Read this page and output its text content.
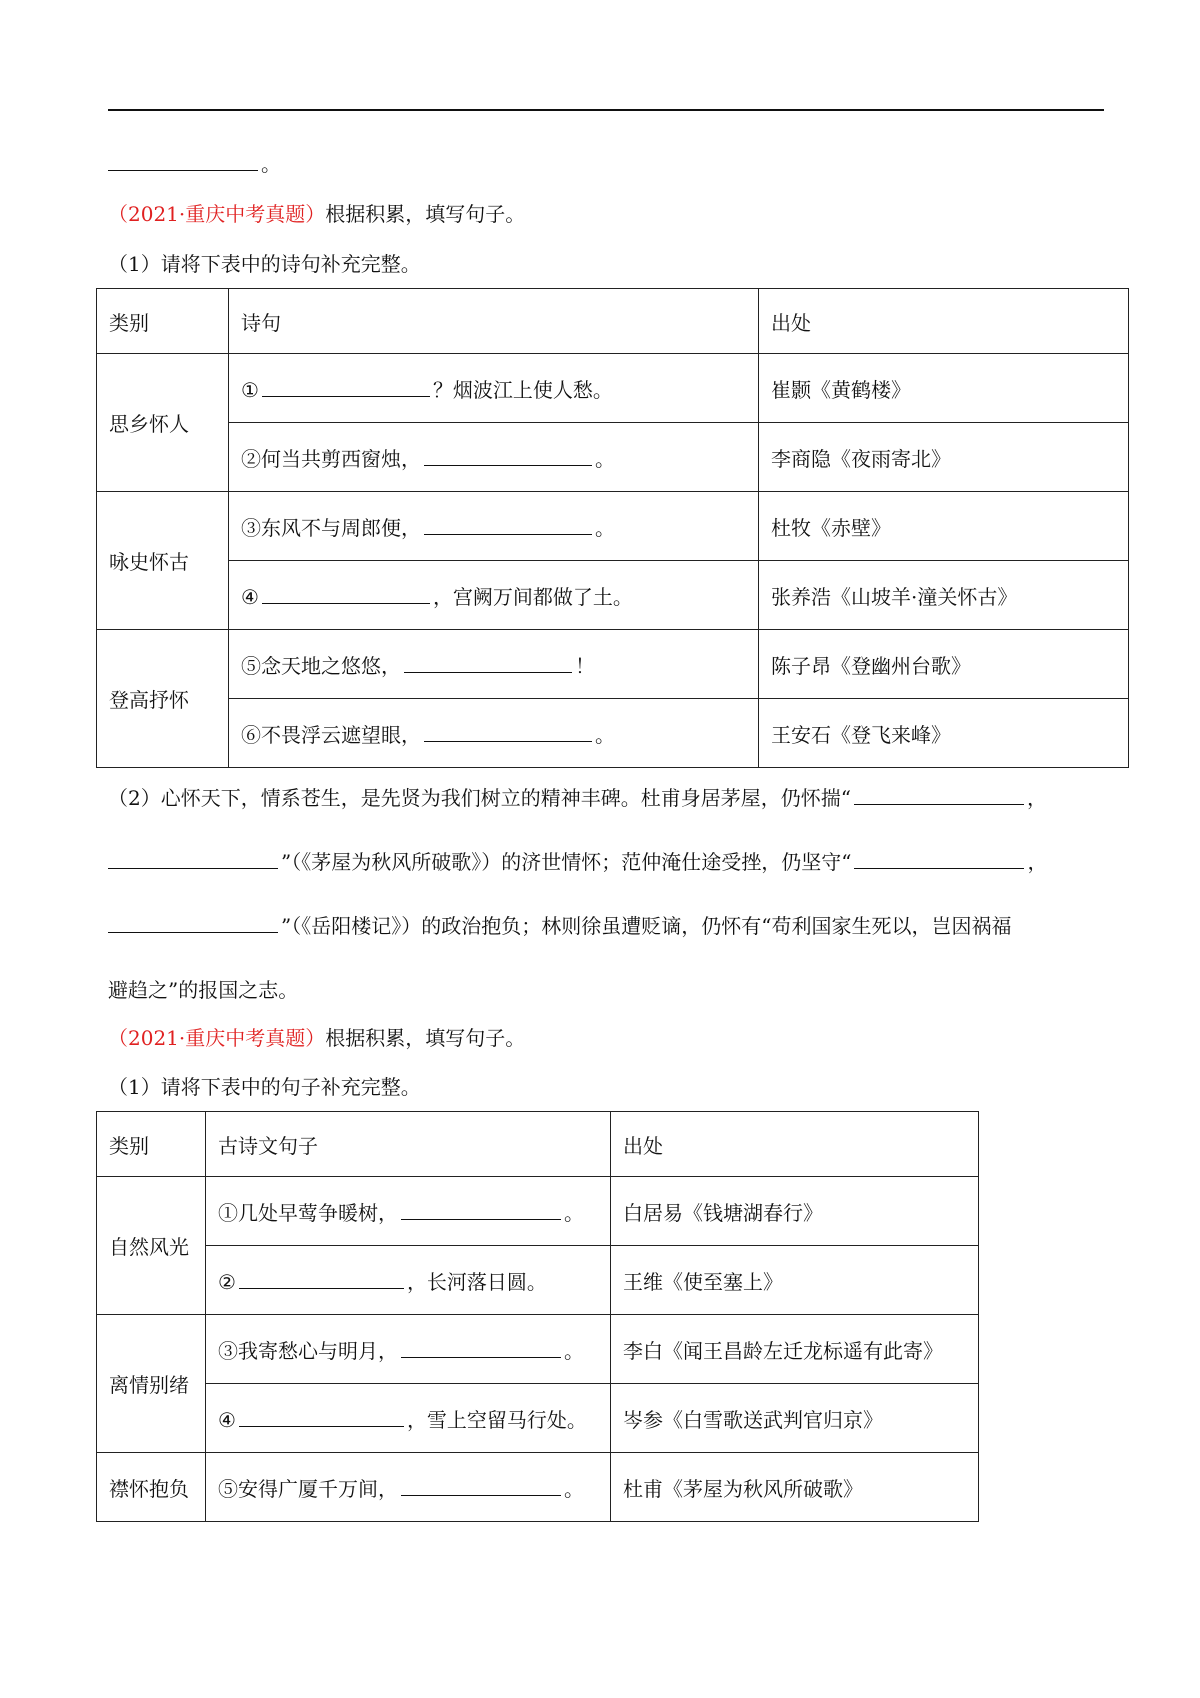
。
（2021·重庆中考真题）根据积累，填写句子。
（1）请将下表中的诗句补充完整。
类别	诗句	出处
思乡怀人	① ？烟波江上使人愁。	崔颢《黄鹤楼》
	②何当共剪西窗烛， 。	李商隐《夜雨寄北》
咏史怀古	③东风不与周郎便， 。	杜牧《赤壁》
	④ ，宫阙万间都做了土。	张养浩《山坡羊·潼关怀古》
登高抒怀	⑤念天地之悠悠， ！	陈子昂《登幽州台歌》
	⑥不畏浮云遮望眼， 。	王安石《登飞来峰》
（2）心怀天下，情系苍生，是先贤为我们树立的精神丰碑。杜甫身居茅屋，仍怀揣“	，
”（《茅屋为秋风所破歌》）的济世情怀；范仲淹仕途受挫，仍坚守“	，
”（《岳阳楼记》）的政治抱负；林则徐虽遭贬谪，仍怀有“苟利国家生死以，岂因祸福
避趋之”的报国之志。
（2021·重庆中考真题）根据积累，填写句子。
（1）请将下表中的句子补充完整。
类别	古诗文句子	出处
自然风光	①几处早莺争暖树， 。	白居易《钱塘湖春行》
	② ，长河落日圆。	王维《使至塞上》
离情别绪	③我寄愁心与明月， 。	李白《闻王昌龄左迁龙标遥有此寄》
	④ ，雪上空留马行处。	岑参《白雪歌送武判官归京》
襟怀抱负	⑤安得广厦千万间， 。	杜甫《茅屋为秋风所破歌》
